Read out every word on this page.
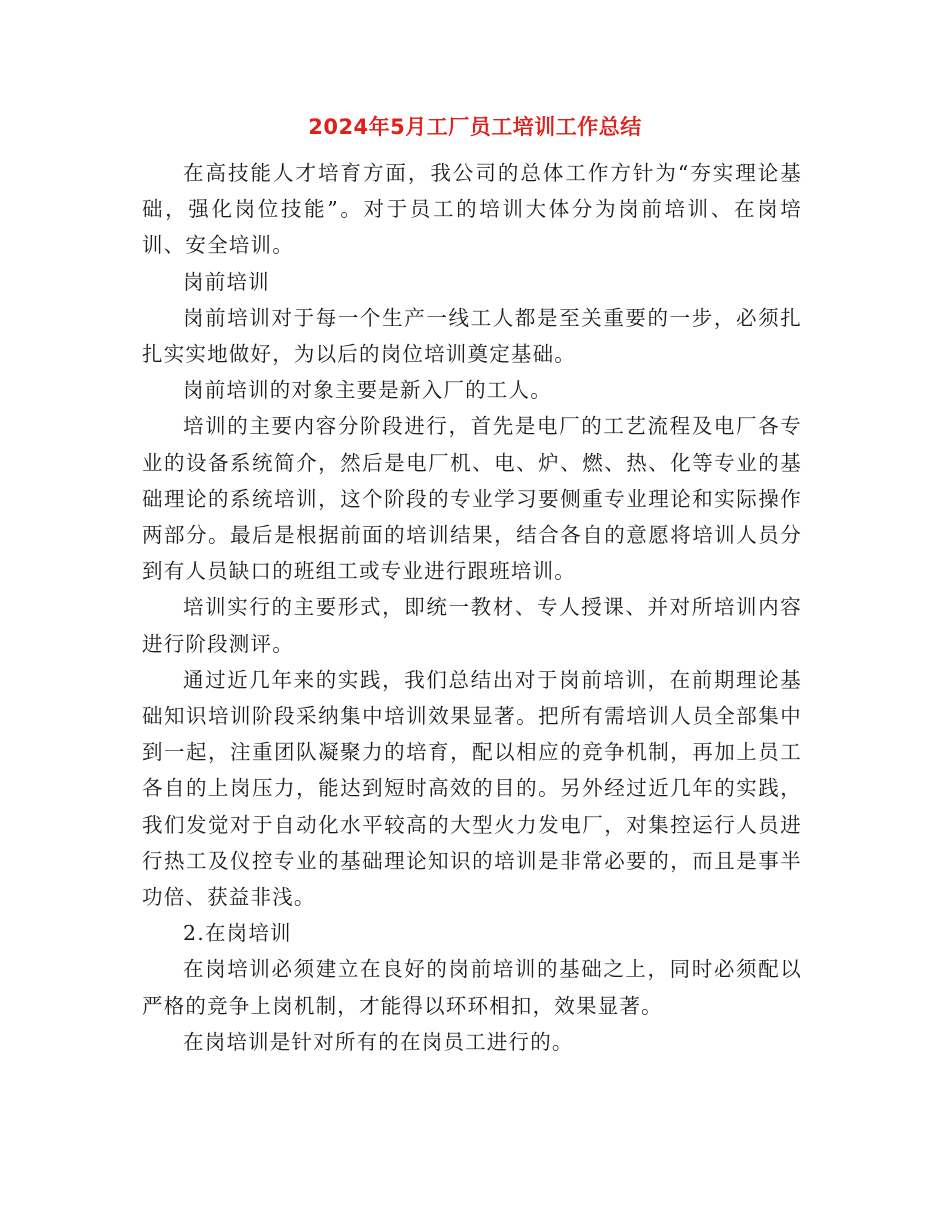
2024年5月工厂员工培训工作总结

在高技能人才培育方面，我公司的总体工作方针为“夯实理论基础，强化岗位技能”。对于员工的培训大体分为岗前培训、在岗培训、安全培训。

岗前培训

岗前培训对于每一个生产一线工人都是至关重要的一步，必须扎扎实实地做好，为以后的岗位培训奠定基础。

岗前培训的对象主要是新入厂的工人。

培训的主要内容分阶段进行，首先是电厂的工艺流程及电厂各专业的设备系统简介，然后是电厂机、电、炉、燃、热、化等专业的基础理论的系统培训，这个阶段的专业学习要侧重专业理论和实际操作两部分。最后是根据前面的培训结果，结合各自的意愿将培训人员分到有人员缺口的班组工或专业进行跟班培训。

培训实行的主要形式，即统一教材、专人授课、并对所培训内容进行阶段测评。

通过近几年来的实践，我们总结出对于岗前培训，在前期理论基础知识培训阶段采纳集中培训效果显著。把所有需培训人员全部集中到一起，注重团队凝聚力的培育，配以相应的竞争机制，再加上员工各自的上岗压力，能达到短时高效的目的。另外经过近几年的实践，我们发觉对于自动化水平较高的大型火力发电厂，对集控运行人员进行热工及仪控专业的基础理论知识的培训是非常必要的，而且是事半功倍、获益非浅。

2.在岗培训

在岗培训必须建立在良好的岗前培训的基础之上，同时必须配以严格的竞争上岗机制，才能得以环环相扣，效果显著。

在岗培训是针对所有的在岗员工进行的。
